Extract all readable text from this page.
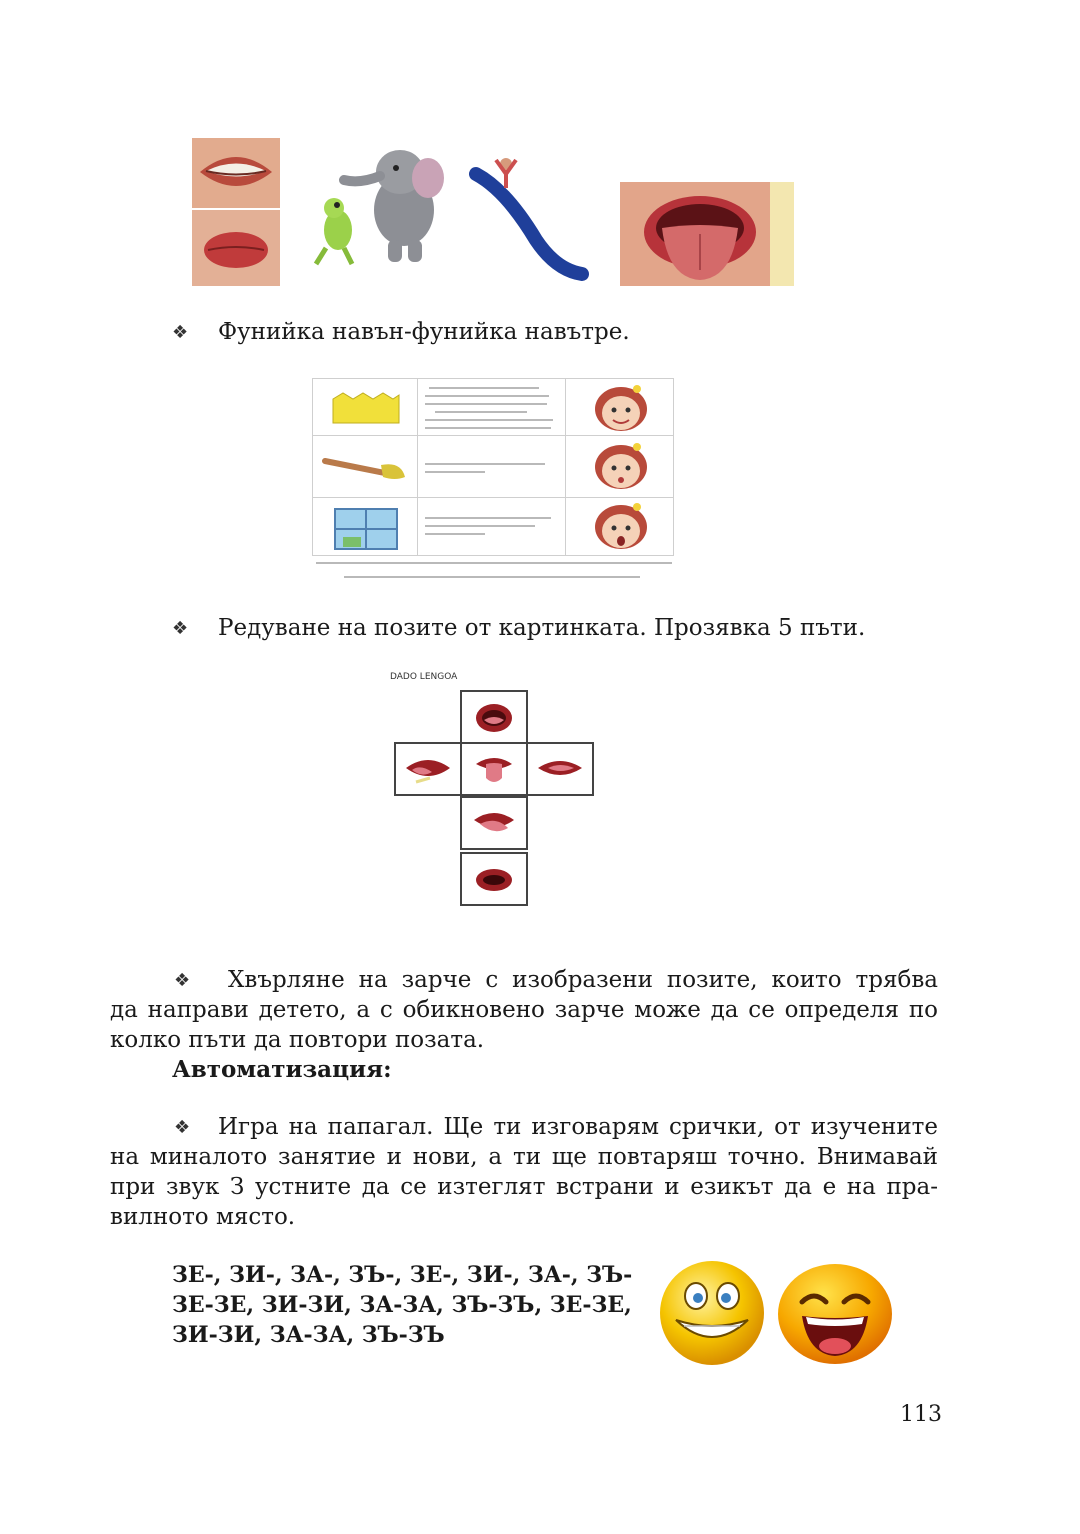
❖ Фунийка навън-фунийка навътре.
❖ Редуване на позите от картинката. Прозявка 5 пъти.
DADO LENGOA
❖ Хвърляне на зарче с изобразени позите, които трябва
да направи детето, а с обикновено зарче може да се определя по
колко пъти да повтори позата.
Автоматизация:
❖ Игра на папагал. Ще ти изговарям срички, от изучените
на миналото занятие и нови, а ти ще повтаряш точно. Внимавай
при звук З устните да се изтеглят встрани и езикът да е на пра-
вилното място.
ЗЕ-, ЗИ-, ЗА-, ЗЪ-, ЗЕ-, ЗИ-, ЗА-, ЗЪ-
ЗЕ-ЗЕ, ЗИ-ЗИ, ЗА-ЗА, ЗЪ-ЗЪ, ЗЕ-ЗЕ,
ЗИ-ЗИ, ЗА-ЗА, ЗЪ-ЗЪ
113
